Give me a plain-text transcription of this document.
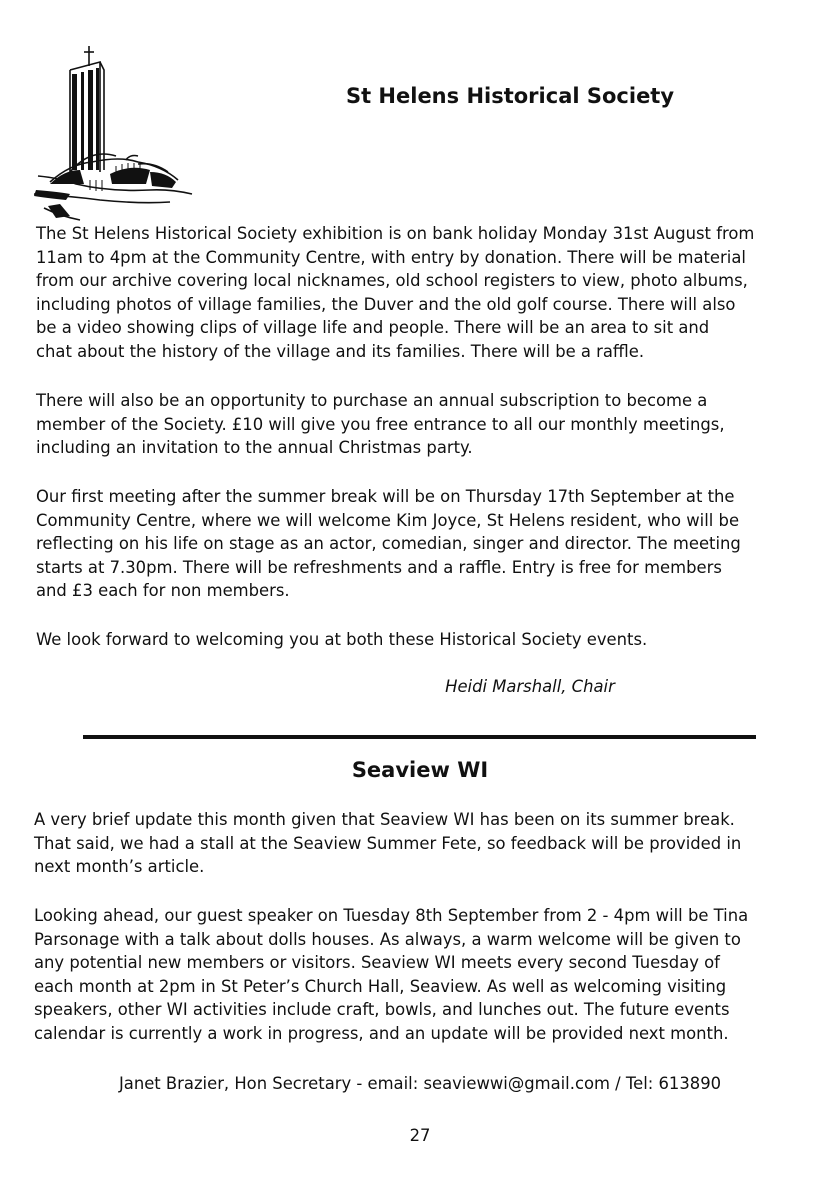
St Helens Historical Society
The St Helens Historical Society exhibition is on bank holiday Monday 31st August from
11am to 4pm at the Community Centre, with entry by donation. There will be material
from our archive covering local nicknames, old school registers to view, photo albums,
including photos of village families, the Duver and the old golf course. There will also
be a video showing clips of village life and people. There will be an area to sit and
chat about the history of the village and its families. There will be a raffle.
There will also be an opportunity to purchase an annual subscription to become a
member of the Society. £10 will give you free entrance to all our monthly meetings,
including an invitation to the annual Christmas party.
Our first meeting after the summer break will be on Thursday 17th September at the
Community Centre, where we will welcome Kim Joyce, St Helens resident, who will be
reflecting on his life on stage as an actor, comedian, singer and director. The meeting
starts at 7.30pm. There will be refreshments and a raffle. Entry is free for members
and £3 each for non members.
We look forward to welcoming you at both these Historical Society events.

Heidi Marshall, Chair

Seaview WI
A very brief update this month given that Seaview WI has been on its summer break.
That said, we had a stall at the Seaview Summer Fete, so feedback will be provided in
next month’s article.
Looking ahead, our guest speaker on Tuesday 8th September from 2 - 4pm will be Tina
Parsonage with a talk about dolls houses. As always, a warm welcome will be given to
any potential new members or visitors. Seaview WI meets every second Tuesday of
each month at 2pm in St Peter’s Church Hall, Seaview. As well as welcoming visiting
speakers, other WI activities include craft, bowls, and lunches out. The future events
calendar is currently a work in progress, and an update will be provided next month.

Janet Brazier, Hon Secretary - email: seaviewwi@gmail.com / Tel: 613890

27
